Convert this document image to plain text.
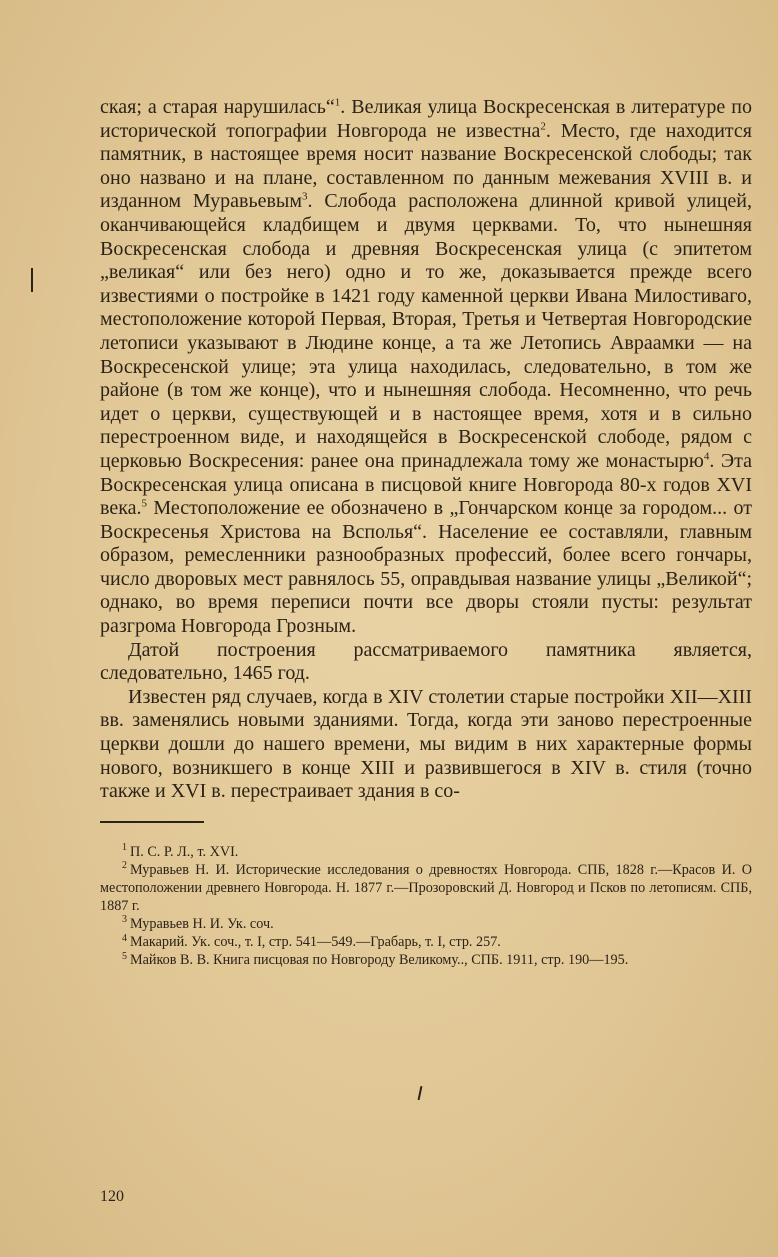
ская; а старая нарушилась“$^1$. Великая улица Воскресенская в литературе по исторической топографии Новгорода не известна$^2$. Место, где находится памятник, в настоящее время носит название Воскресенской слободы; так оно названо и на плане, составленном по данным межевания XVIII в. и изданном Муравьевым$^3$. Слобода расположена длинной кривой улицей, оканчивающейся кладбищем и двумя церквами. То, что нынешняя Воскресенская слобода и древняя Воскресенская улица (с эпитетом „великая“ или без него) одно и то же, доказывается прежде всего известиями о постройке в 1421 году каменной церкви Ивана Милостиваго, местоположение которой Первая, Вторая, Третья и Четвертая Новгородские летописи указывают в Людине конце, а та же Летопись Авраамки — на Воскресенской улице; эта улица находилась, следовательно, в том же районе (в том же конце), что и нынешняя слобода. Несомненно, что речь идет о церкви, существующей и в настоящее время, хотя и в сильно перестроенном виде, и находящейся в Воскресенской слободе, рядом с церковью Воскресения: ранее она принадлежала тому же монастырю$^4$. Эта Воскресенская улица описана в писцовой книге Новгорода 80-х годов XVI века.$^5$ Местоположение ее обозначено в „Гончарском конце за городом... от Воскресенья Христова на Всполья“. Население ее составляли, главным образом, ремесленники разнообразных профессий, более всего гончары, число дворовых мест равнялось 55, оправдывая название улицы „Великой“; однако, во время переписи почти все дворы стояли пусты: результат разгрома Новгорода Грозным.

Датой построения рассматриваемого памятника является, следовательно, 1465 год.

Известен ряд случаев, когда в XIV столетии старые постройки XII—XIII вв. заменялись новыми зданиями. Тогда, когда эти заново перестроенные церкви дошли до нашего времени, мы видим в них характерные формы нового, возникшего в конце XIII и развившегося в XIV в. стиля (точно также и XVI в. перестраивает здания в со-

$^1$ П. С. Р. Л., т. XVI.

$^2$ Муравьев Н. И. Исторические исследования о древностях Новгорода. СПБ, 1828 г.—Красов И. О местоположении древнего Новгорода. Н. 1877 г.—Прозоровский Д. Новгород и Псков по летописям. СПБ, 1887 г.

$^3$ Муравьев Н. И. Ук. соч.

$^4$ Макарий. Ук. соч., т. I, стр. 541—549.—Грабарь, т. I, стр. 257.

$^5$ Майков В. В. Книга писцовая по Новгороду Великому.., СПБ. 1911, стр. 190—195.

120
